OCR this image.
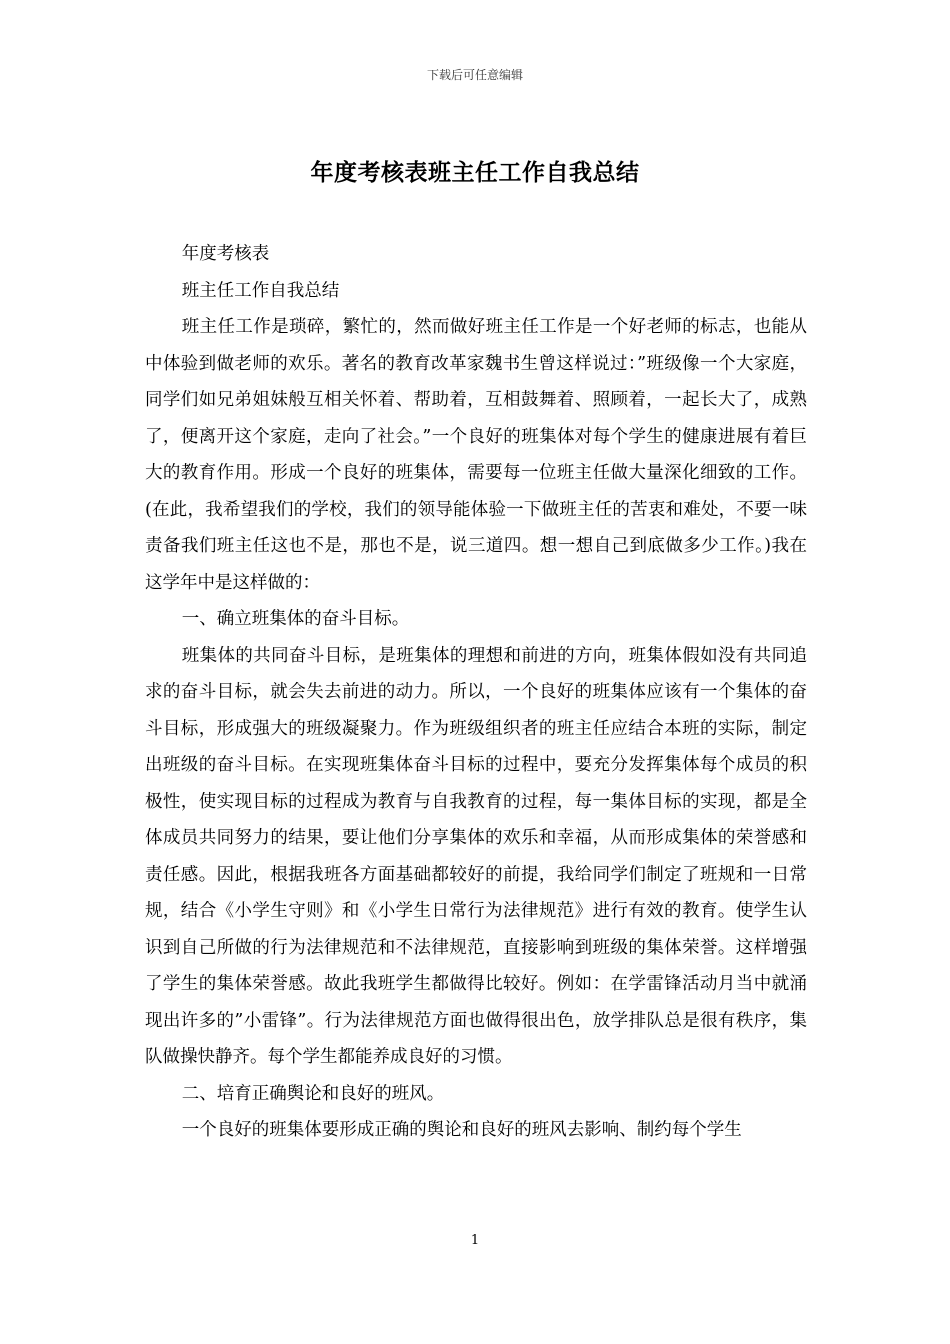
下载后可任意编辑
年度考核表班主任工作自我总结

年度考核表

班主任工作自我总结

班主任工作是琐碎，繁忙的，然而做好班主任工作是一个好老师的标志，也能从中体验到做老师的欢乐。著名的教育改革家魏书生曾这样说过：”班级像一个大家庭，同学们如兄弟姐妹般互相关怀着、帮助着，互相鼓舞着、照顾着，一起长大了，成熟了，便离开这个家庭，走向了社会。”一个良好的班集体对每个学生的健康进展有着巨大的教育作用。形成一个良好的班集体，需要每一位班主任做大量深化细致的工作。(在此，我希望我们的学校，我们的领导能体验一下做班主任的苦衷和难处，不要一味责备我们班主任这也不是，那也不是，说三道四。想一想自己到底做多少工作。)我在这学年中是这样做的：

一、确立班集体的奋斗目标。

班集体的共同奋斗目标，是班集体的理想和前进的方向，班集体假如没有共同追求的奋斗目标，就会失去前进的动力。所以，一个良好的班集体应该有一个集体的奋斗目标，形成强大的班级凝聚力。作为班级组织者的班主任应结合本班的实际，制定出班级的奋斗目标。在实现班集体奋斗目标的过程中，要充分发挥集体每个成员的积极性，使实现目标的过程成为教育与自我教育的过程，每一集体目标的实现，都是全体成员共同努力的结果，要让他们分享集体的欢乐和幸福，从而形成集体的荣誉感和责任感。因此，根据我班各方面基础都较好的前提，我给同学们制定了班规和一日常规，结合《小学生守则》和《小学生日常行为法律规范》进行有效的教育。使学生认识到自己所做的行为法律规范和不法律规范，直接影响到班级的集体荣誉。这样增强了学生的集体荣誉感。故此我班学生都做得比较好。例如：在学雷锋活动月当中就涌现出许多的”小雷锋”。行为法律规范方面也做得很出色，放学排队总是很有秩序，集队做操快静齐。每个学生都能养成良好的习惯。

二、培育正确舆论和良好的班风。

一个良好的班集体要形成正确的舆论和良好的班风去影响、制约每个学生

1
